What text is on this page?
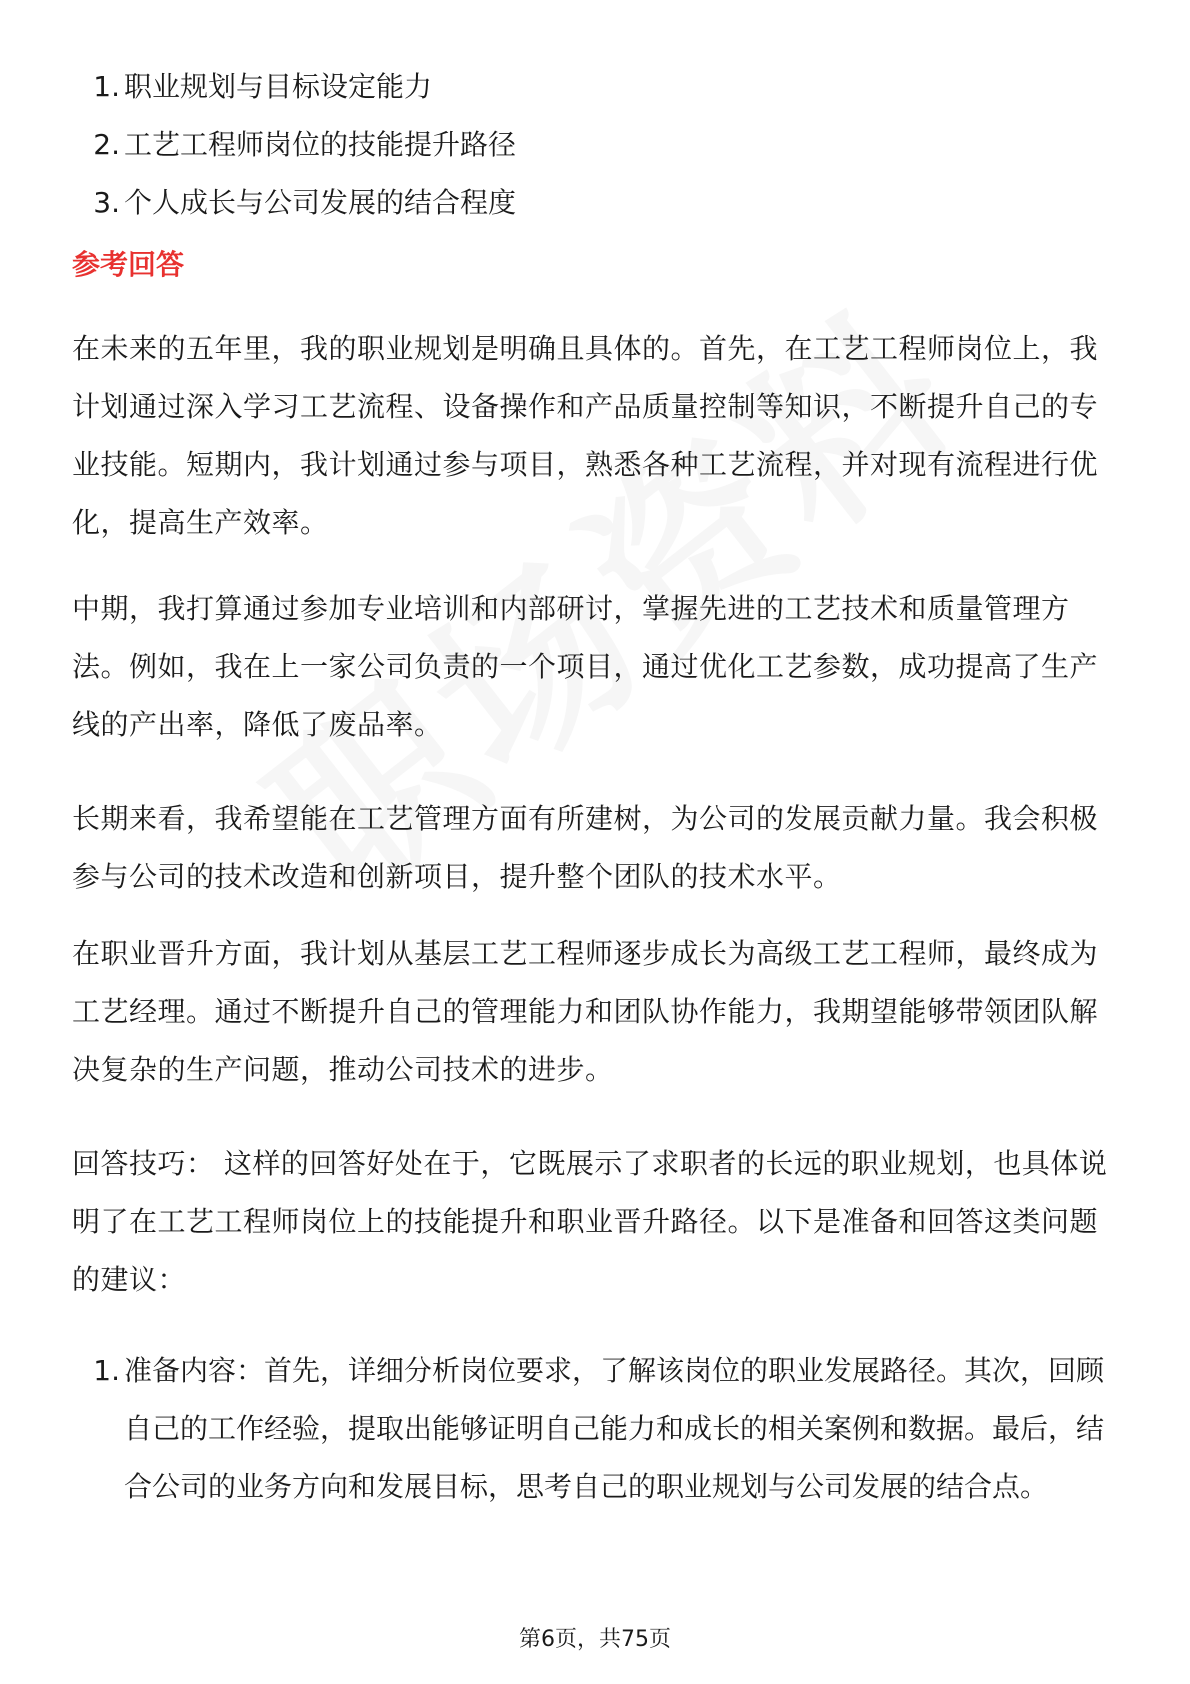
1. 职业规划与目标设定能力
2. 工艺工程师岗位的技能提升路径
3. 个人成长与公司发展的结合程度
参考回答

在未来的五年里，我的职业规划是明确且具体的。首先，在工艺工程师岗位上，我计划通过深入学习工艺流程、设备操作和产品质量控制等知识，不断提升自己的专业技能。短期内，我计划通过参与项目，熟悉各种工艺流程，并对现有流程进行优化，提高生产效率。

中期，我打算通过参加专业培训和内部研讨，掌握先进的工艺技术和质量管理方法。例如，我在上一家公司负责的一个项目，通过优化工艺参数，成功提高了生产线的产出率，降低了废品率。

长期来看，我希望能在工艺管理方面有所建树，为公司的发展贡献力量。我会积极参与公司的技术改造和创新项目，提升整个团队的技术水平。

在职业晋升方面，我计划从基层工艺工程师逐步成长为高级工艺工程师，最终成为工艺经理。通过不断提升自己的管理能力和团队协作能力，我期望能够带领团队解决复杂的生产问题，推动公司技术的进步。

回答技巧： 这样的回答好处在于，它既展示了求职者的长远的职业规划，也具体说明了在工艺工程师岗位上的技能提升和职业晋升路径。以下是准备和回答这类问题的建议：

1. 准备内容：首先，详细分析岗位要求，了解该岗位的职业发展路径。其次，回顾自己的工作经验，提取出能够证明自己能力和成长的相关案例和数据。最后，结合公司的业务方向和发展目标，思考自己的职业规划与公司发展的结合点。
第6页，共75页
